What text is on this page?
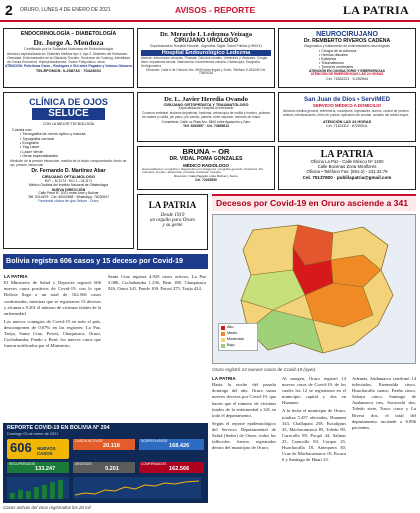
2 ORURO, LUNES 4 DE ENERO DE 2021	AVISOS - REPORTE	LA PATRIA
ENDOCRINOLOGÍA – DIABETOLOGÍA
Dr. Jorge A. Mendoza
Certificado por la Sociedad Boliviana de Endocrinología
Atención especializada en: Diabetes Mellitus tipo 1, tipo 2, Diabetes del Embarazo. Obesidad. Enfermedades de la Glándula Tiroides. Síndrome de Cushing, Infertilidad de Causa Endocrina. Hiperprolactinemia. Ovario Poliquístico, otros.
ATENCIÓN: Policlínica Oruro - Rodríguez # 514 entre Pagador y Velasco Galvarro
TELÉFONOS: 5-258733 · 70423601
Dr. Merardo I. Ledezma Veizaga
CIRUJANO URÓLOGO
Especialización Hospital Escuela - Argentina. Mgter. Salud Pública (UNSXX)
Hospital Endourológico Ledezma
Atiende: Infecciones urinarias, Próstata, Cálculos renales, Ureterales y Vesicales, Cirugía láser, Impotencia sexual, Vasectomía, Incontinencia urinaria, Cistoscopía, Ecografía, Uroflujometría.
Dirección: Calle 6 de Octubre Nro. 5949 entre Ingavi y Junín, Teléfono 5-254049 Cel. 73805018
NEUROCIRUJANO
Dr. REMBERTO RIVEROS CADENA
Diagnóstico y tratamiento de enfermedades neurológicas
• Cirugía de la columna
• Hernias discales
• Epilepsia
• Traumatismos
• Tumores cerebrales
ATENCIÓN EN CONSULTORIO Y EMERGENCIAS
ATENCIÓN DE EMERGENCIAS LAS 24 HORAS
Cel. 71852221 · 5-252544
CLÍNICA DE OJOS
SELUCE
CON LA MEJOR TECNOLOGÍA
Cuenta con:
• Tomografía de nervio óptico y mácula
• Topografía corneal
• Ecografía
• Yag Láser
• Láser Verde
• Otras especialidades
Medición de la presión intraocular, medida de la visión computarizada, fondo de ojo, presión intraocular
Dr. Fernando D. Martínez Abar
CIRUJANO OFTALMÓLOGO
M.P. – M-2174 · M.C.I. – M-1171
Médico Oculista del Instituto Nacional de Oftalmología
NUEVA DIRECCIÓN
Calle Petot N° 1021 entre Arce y Bolívar
Telf. 5214675 · Cel. 60002568 · WhatsApp: 76230947
Facebook clínica de ojos Seluce - Oruro
Dr. L. Javier Heredia Ovando
CIRUJANO ORTOPEDISTA Y TRAUMATÓLOGO
Especialización Hospital Universitario
Columna vertebral, lesiones deportivas, fracturas, artroscopía de rodilla y hombro, prótesis de cadera y rodilla, pie plano, pie zambo, juanete, túnel carpiano, lesiones de mano.
Consultorio: Calle La Plata Nro. 5842 entre Ayacucho y Caro
Telf. 5254557 · Cel. 73835612
San Juan de Dios • ServiMED
SERVICIO MÉDICO A DOMICILIO
Atención médica general, enfermería, curaciones, inyectables, sueros, control de presión arterial, nebulizaciones, retiro de puntos, aplicación de sondas, cuidado del adulto mayor.
ATENCIÓN LAS 24 HORAS
Cel. 71101112 · 67200011
BRUNA – OR
DR. VIDAL POMA GONZALES
MÉDICO RADIÓLOGO
Especialidad en ecografía y diagnóstico por imágenes: ecografía general, obstétrica, 4D, mamaria, tiroides, abdominal, próstata, testicular, Doppler.
Dirección: Calle Pagador entre Bolívar y Sucre
Cel. 72433550
LA PATRIA
Oficina La Paz - Calle México Nº 1400
Calle Bocenas Zona Miraflores
Oficina • Teléfono Fax: (591-2) - 231.32.79
Cel. 75137800 · publilapatria@gmail.com
LA PATRIA
Desde 1919
un orgullo para Oruro
y su gente
Decesos por Covid-19 en Oruro asciende a 341
Alto
Medio
Moderado
Bajo
Oruro registró 14 nuevos casos de Covid-19 (ayer)
Bolivia registra 606 casos y 15 deceso por Covid-19
LA PATRIA

El Ministerio de Salud y Deportes registró 606 nuevos casos positivos de Covid-19, con lo que Bolivia llega a un total de 162.566 casos confirmados, mientras que se registraron 15 decesos y alcanza a 9.201 el número de víctimas fatales de la enfermedad.

Los nuevos contagios de Covid-19 en todo el país, descomponen de 0.07% en las regiones: La Paz, Tarija, Santa Cruz, Potosí, Chuquisaca, Oruro, Cochabamba, Pando y Beni; los nuevos casos que fueron notificados por el Ministerio.

Santa Cruz registra 4.929 casos activos, La Paz 3.086, Cochabamba 1.236, Beni 188, Chuquisaca 926, Oruro 341, Pando 109, Potosí 275, Tarija 424.

REPORTE COVID-19 EN BOLIVIA N° 294
Domingo 03 de enero de 2021
606 NUEVOS CASOS
RECUPERADOS
133.247
CASOS ACTIVOS
20.118
DECESOS
9.201
SOSPECHOSOS
168.426
CONFIRMADOS
162.566
Casos activos del virus registrados los 20 mil
LA PATRIA

Hasta la noche del pasado domingo del año, Oruro suma nuevos decesos por Covid-19, que hacen que el número de víctimas fatales de la enfermedad a 341 en todo el departamento.

Según el reporte epidemiológico del Servicio Departamental de Salud (Sedes) de Oruro, todos los fallecidos fueron registrados dentro del municipio de Oruro.

Al margen, Oruro registró 14 nuevos casos de Covid-19, de los cuales los 12 se registraron en el municipio capital y dos en Huanuni.

A la fecha el municipio de Oruro, totaliza 5.457 afectados, Huanuni 343, Challapata 258, Eucaliptus 45, Machacamarca 85, Toledo 90, Caracollo 89, Poopó 44, Salinas 25, Caracollo 83, Corque 25, Huachacalla 18, Antequera 30, Cruz de Machacamarca 10, Escara 6 y Santiago de Huari 23.

Además, Andamarca confirmó 14 infectados, Esmeralda cinco, Huachacalla cuatro, Pazña cinco, Sabaya cinco, Santiago de Andamarca tres, Soracachi dos, Toledo siete, Turco cinco y La Rivera dos, el total del departamento asciende a 6.896 pacientes.
